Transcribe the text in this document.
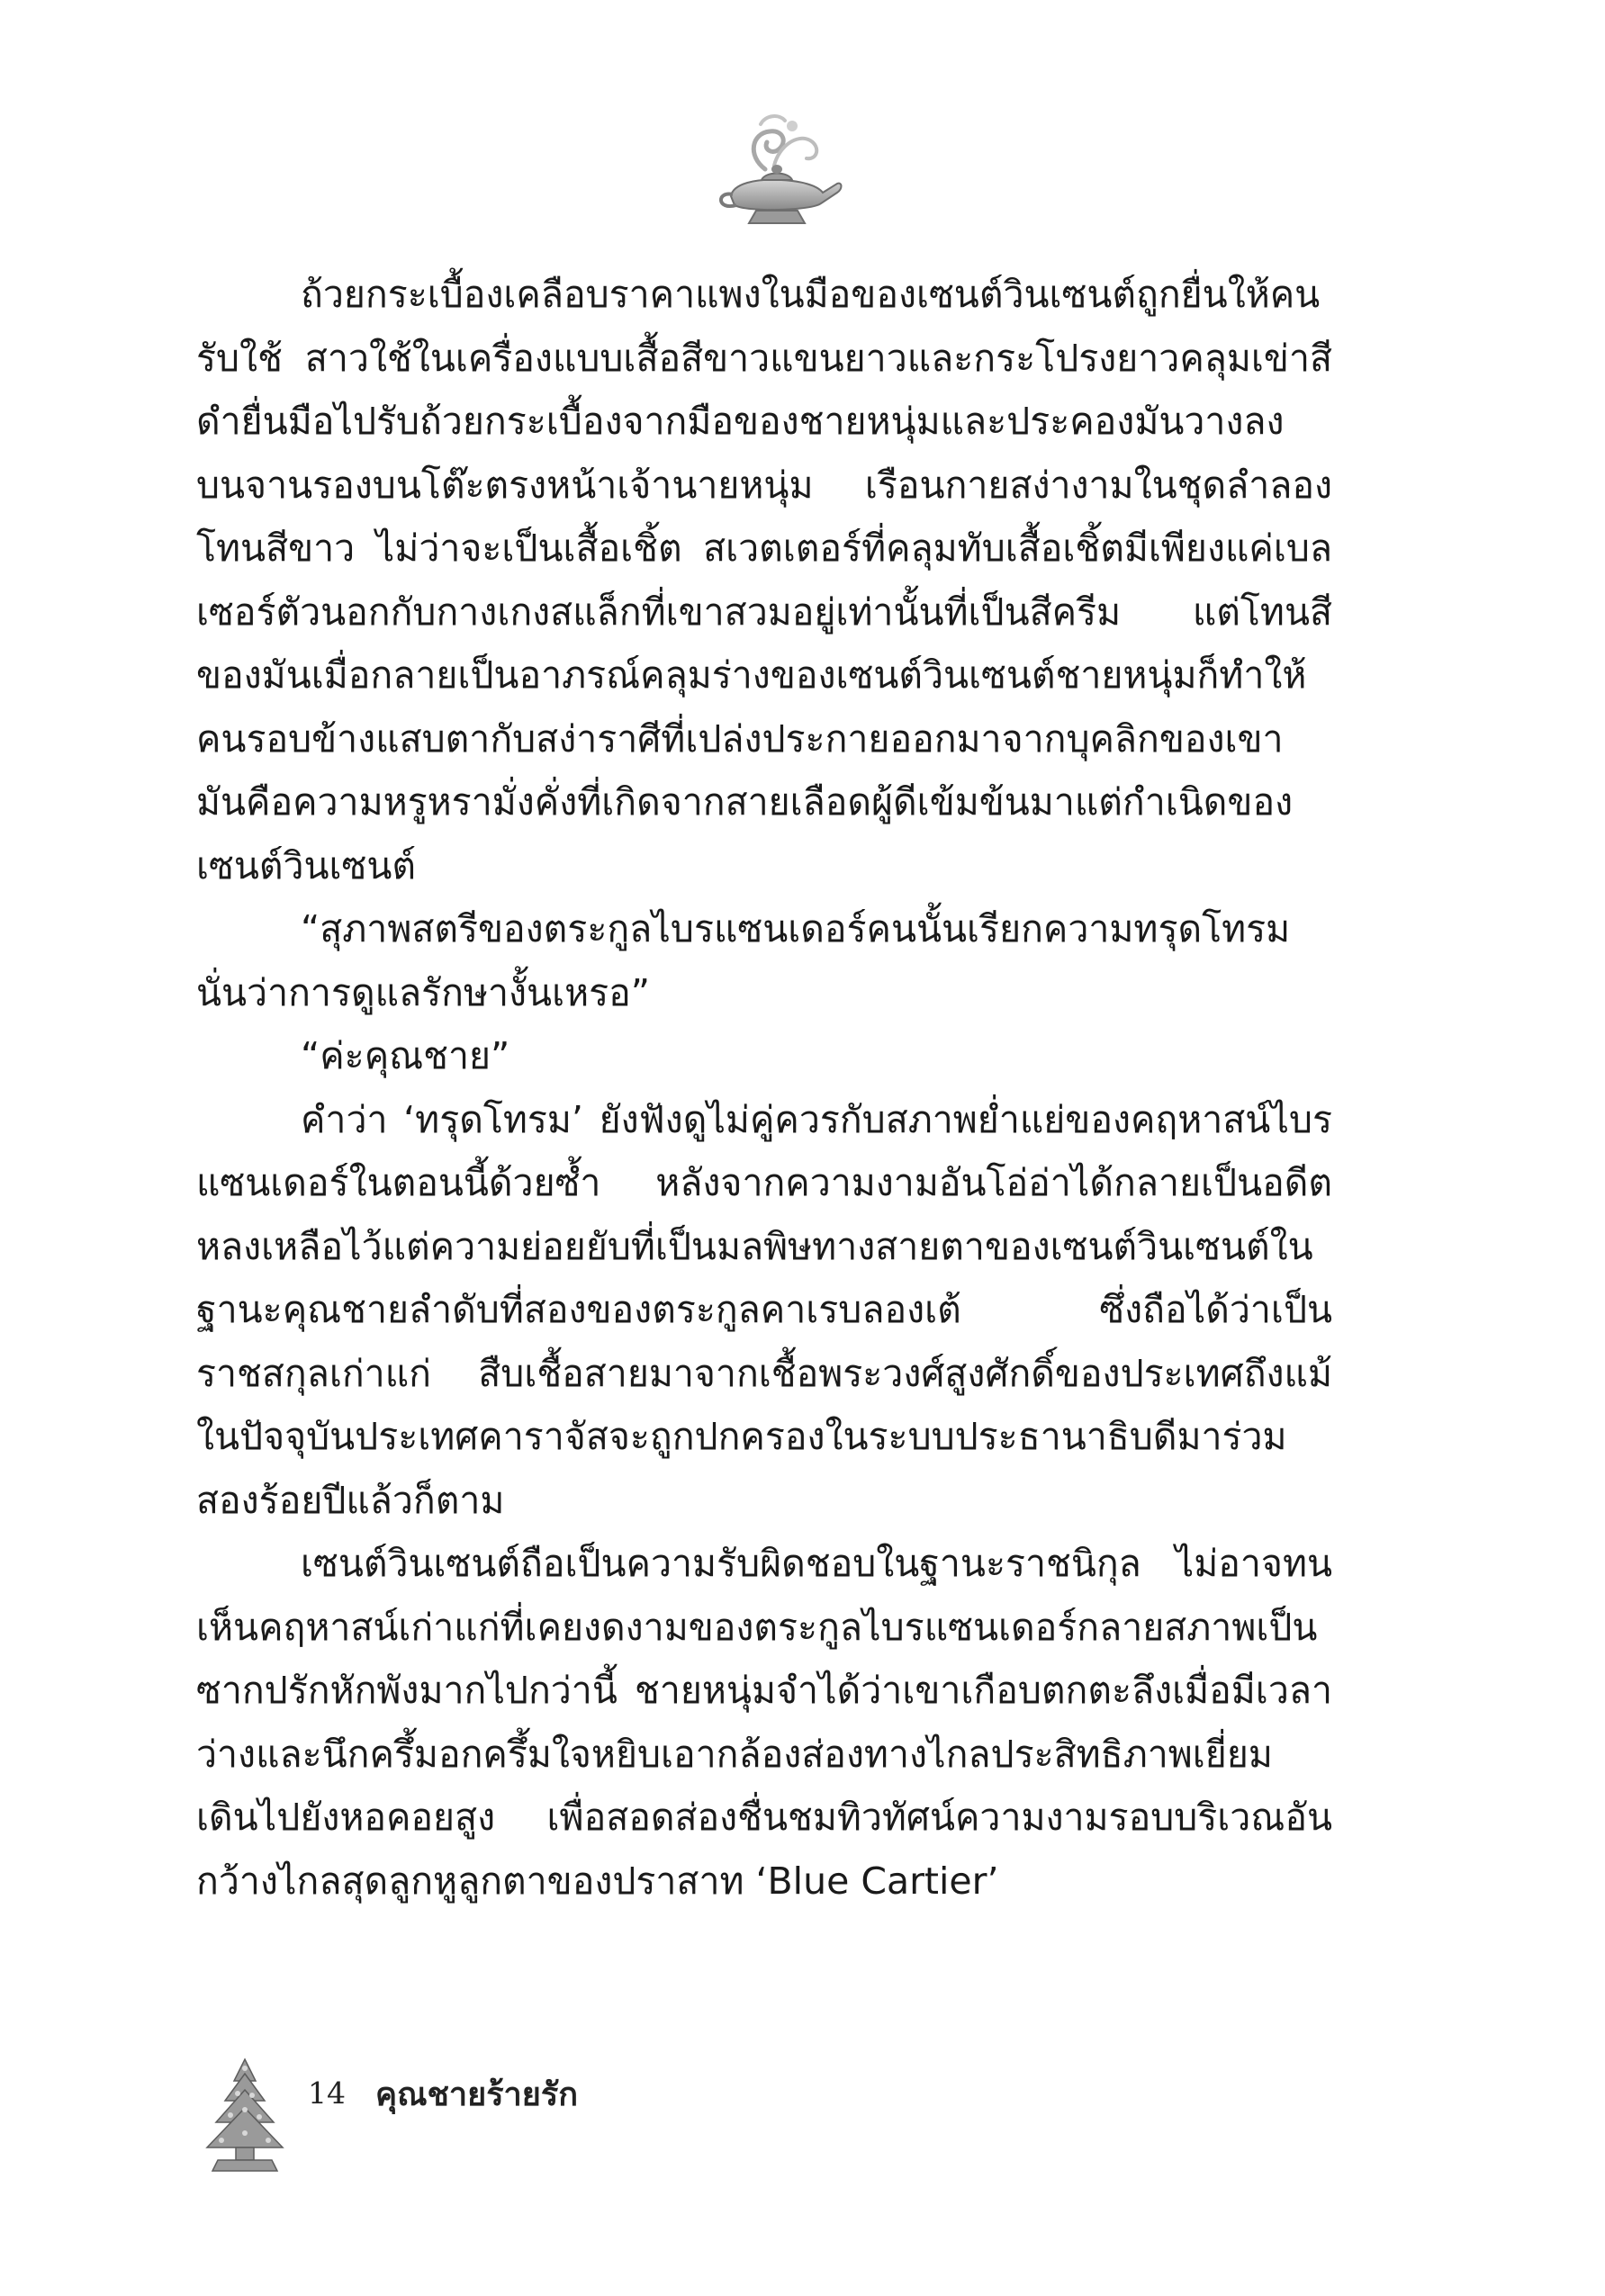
ถ้วยกระเบื้องเคลือบราคาแพงในมือของเซนต์วินเซนต์ถูกยื่นให้คนรับใช้ สาวใช้ในเครื่องแบบเสื้อสีขาวแขนยาวและกระโปรงยาวคลุมเข่าสีดำยื่นมือไปรับถ้วยกระเบื้องจากมือของชายหนุ่มและประคองมันวางลงบนจานรองบนโต๊ะตรงหน้าเจ้านายหนุ่ม เรือนกายสง่างามในชุดลำลองโทนสีขาว ไม่ว่าจะเป็นเสื้อเชิ้ต สเวตเตอร์ที่คลุมทับเสื้อเชิ้ตมีเพียงแค่เบลเซอร์ตัวนอกกับกางเกงสแล็กที่เขาสวมอยู่เท่านั้นที่เป็นสีครีม แต่โทนสีของมันเมื่อกลายเป็นอาภรณ์คลุมร่างของเซนต์วินเซนต์ชายหนุ่มก็ทำให้คนรอบข้างแสบตากับสง่าราศีที่เปล่งประกายออกมาจากบุคลิกของเขา มันคือความหรูหรามั่งคั่งที่เกิดจากสายเลือดผู้ดีเข้มข้นมาแต่กำเนิดของเซนต์วินเซนต์

“สุภาพสตรีของตระกูลไบรแซนเดอร์คนนั้นเรียกความทรุดโทรมนั่นว่าการดูแลรักษางั้นเหรอ”

“ค่ะคุณชาย”

คำว่า ‘ทรุดโทรม’ ยังฟังดูไม่คู่ควรกับสภาพย่ำแย่ของคฤหาสน์ไบรแซนเดอร์ในตอนนี้ด้วยซ้ำ หลังจากความงามอันโอ่อ่าได้กลายเป็นอดีตหลงเหลือไว้แต่ความย่อยยับที่เป็นมลพิษทางสายตาของเซนต์วินเซนต์ในฐานะคุณชายลำดับที่สองของตระกูลคาเรบลองเต้ ซึ่งถือได้ว่าเป็นราชสกุลเก่าแก่ สืบเชื้อสายมาจากเชื้อพระวงศ์สูงศักดิ์ของประเทศถึงแม้ในปัจจุบันประเทศคาราจัสจะถูกปกครองในระบบประธานาธิบดีมาร่วมสองร้อยปีแล้วก็ตาม

เซนต์วินเซนต์ถือเป็นความรับผิดชอบในฐานะราชนิกุล ไม่อาจทนเห็นคฤหาสน์เก่าแก่ที่เคยงดงามของตระกูลไบรแซนเดอร์กลายสภาพเป็นซากปรักหักพังมากไปกว่านี้ ชายหนุ่มจำได้ว่าเขาเกือบตกตะลึงเมื่อมีเวลาว่างและนึกครึ้มอกครึ้มใจหยิบเอากล้องส่องทางไกลประสิทธิภาพเยี่ยมเดินไปยังหอคอยสูง เพื่อสอดส่องชื่นชมทิวทัศน์ความงามรอบบริเวณอันกว้างไกลสุดลูกหูลูกตาของปราสาท ‘Blue Cartier’

14 คุณชายร้ายรัก
